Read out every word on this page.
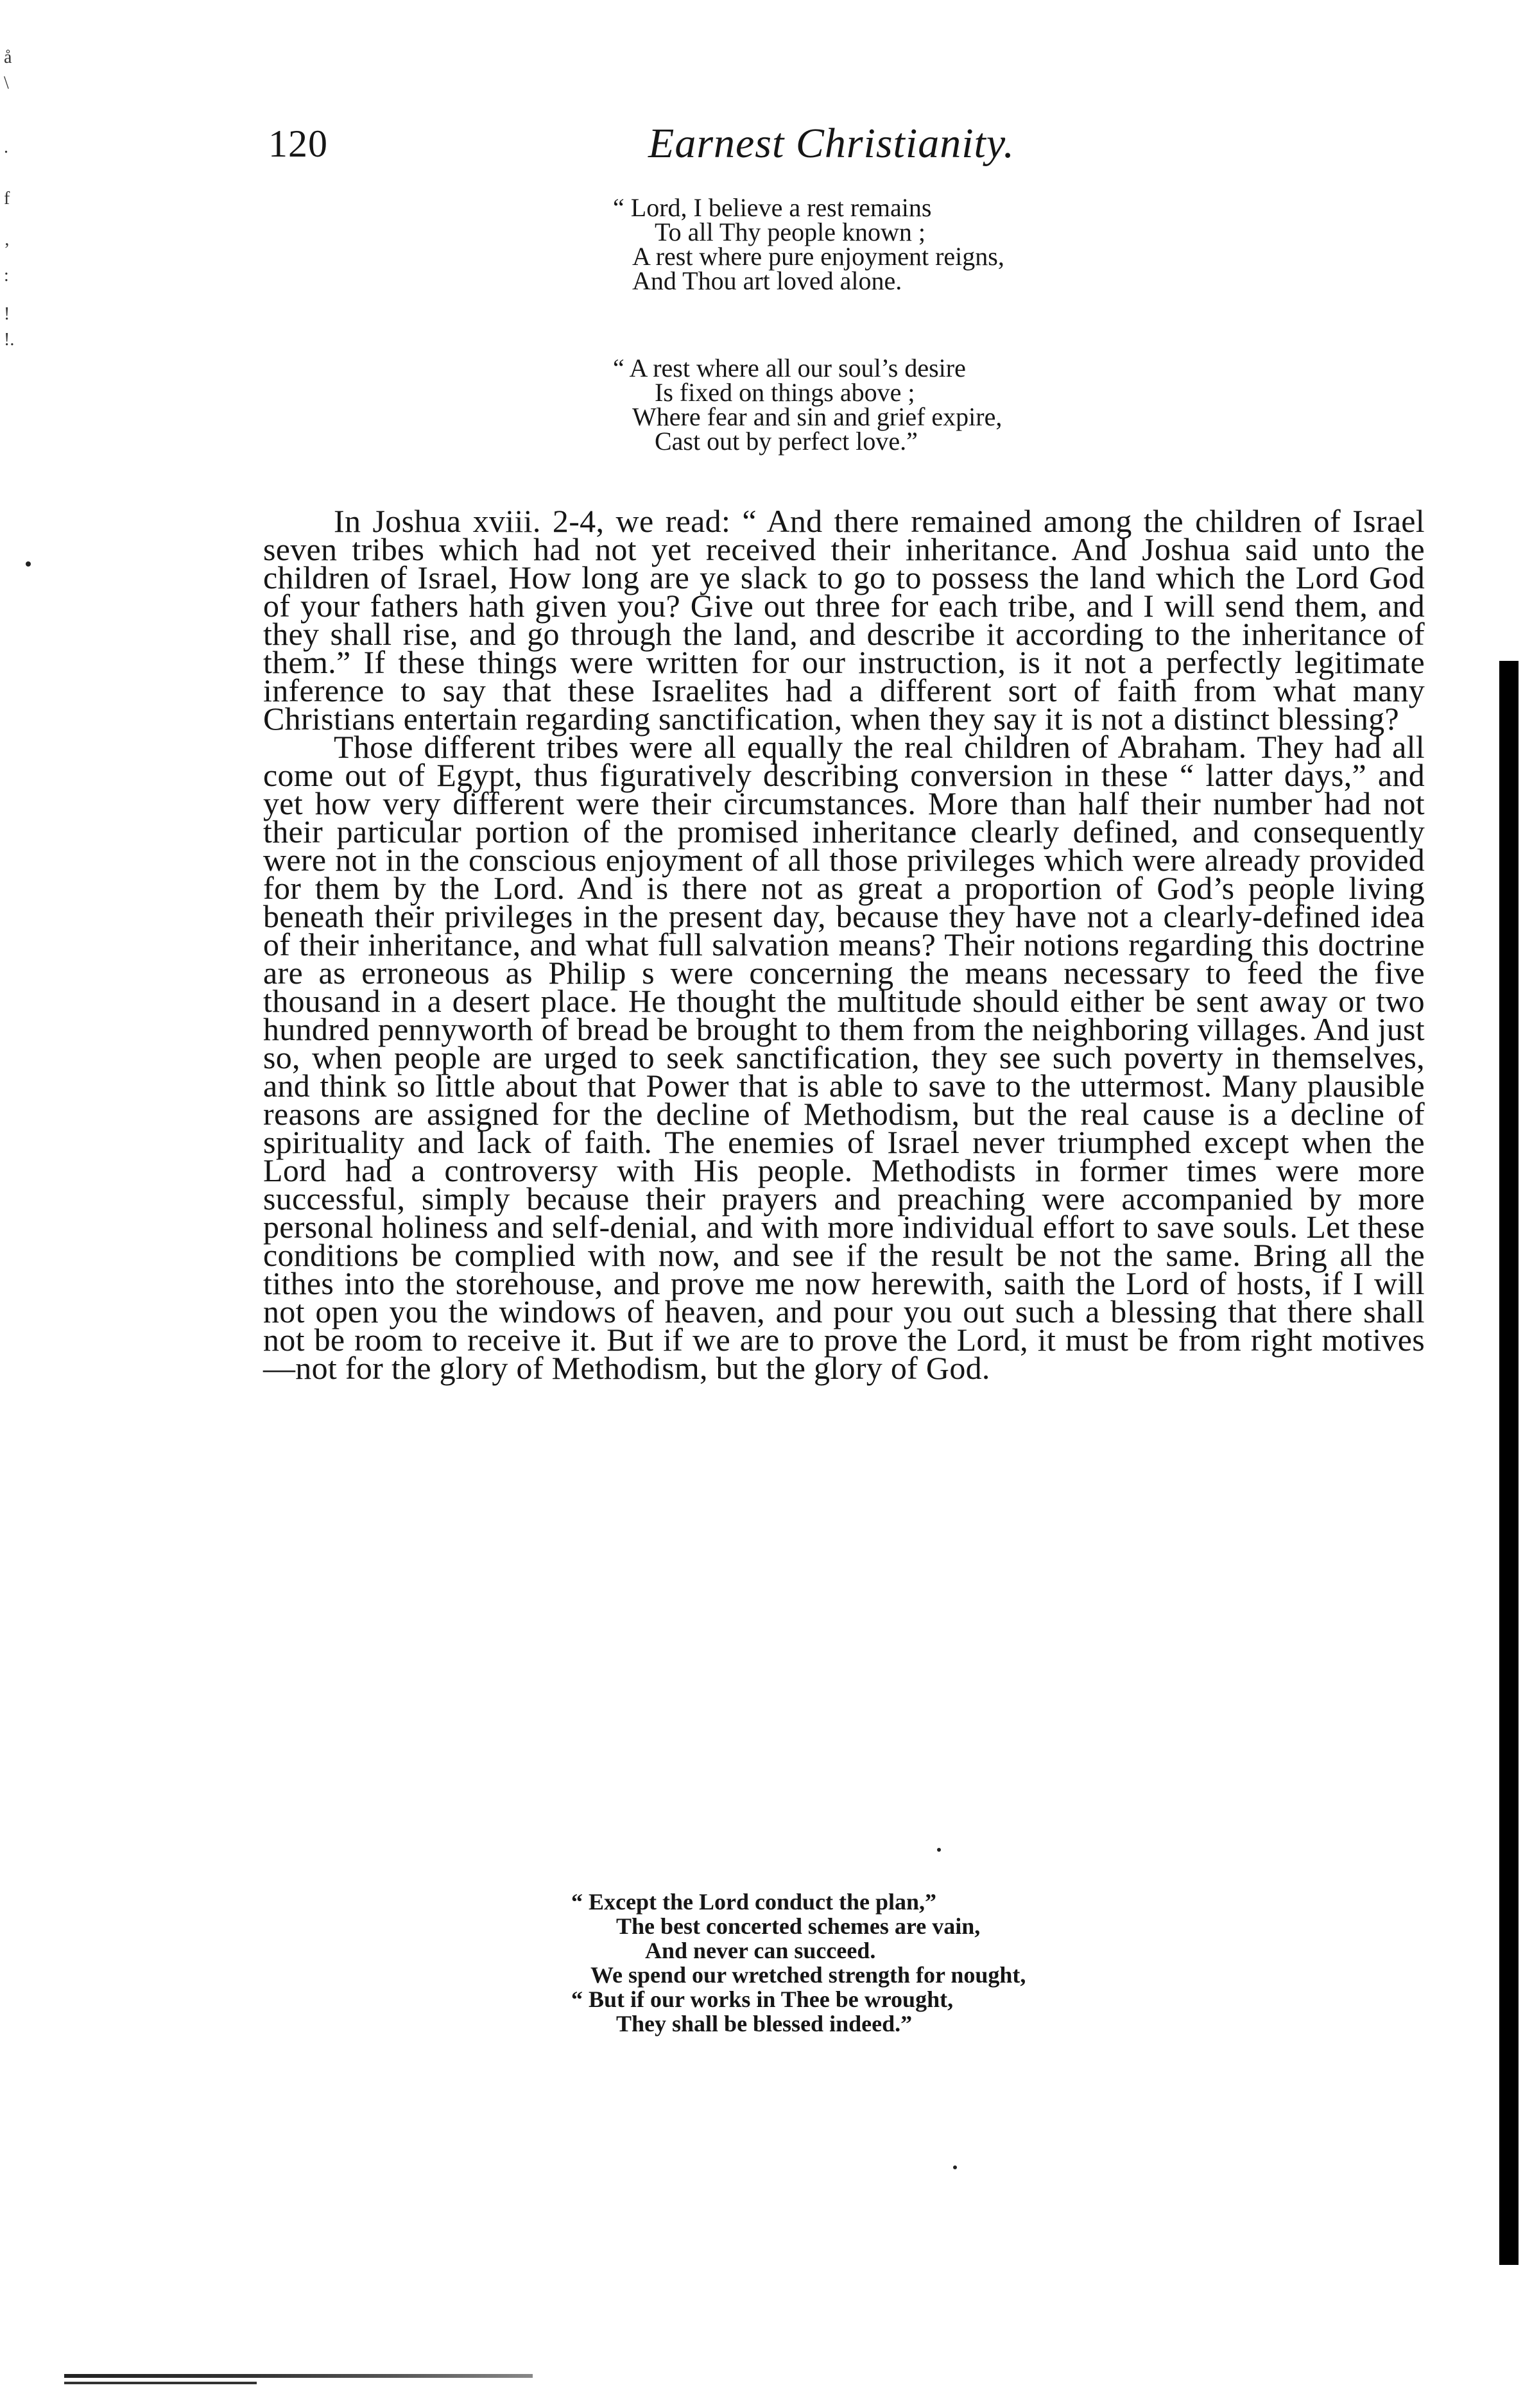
å
\
.
f
’
:
!
!.
120	Earnest Christianity.
“ Lord, I believe a rest remains
To all Thy people known ;
A rest where pure enjoyment reigns,
And Thou art loved alone.
“ A rest where all our soul’s desire
Is fixed on things above ;
Where fear and sin and grief expire,
Cast out by perfect love.”

In Joshua xviii. 2-4, we read: “ And there remained among the children of Israel seven tribes which had not yet received their inheritance. And Joshua said unto the children of Israel, How long are ye slack to go to possess the land which the Lord God of your fathers hath given you? Give out three for each tribe, and I will send them, and they shall rise, and go through the land, and describe it according to the inheritance of them.” If these things were written for our instruction, is it not a perfectly legitimate inference to say that these Israelites had a different sort of faith from what many Christians entertain regarding sanctification, when they say it is not a distinct blessing?

Those different tribes were all equally the real children of Abraham. They had all come out of Egypt, thus figuratively describing conversion in these “ latter days,” and yet how very different were their circumstances. More than half their number had not their particular portion of the promised inheritance clearly defined, and consequently were not in the conscious enjoyment of all those privileges which were already provided for them by the Lord. And is there not as great a proportion of God’s people living beneath their privileges in the present day, because they have not a clearly-defined idea of their inheritance, and what full salvation means? Their notions regarding this doctrine are as erroneous as Philip s were concerning the means necessary to feed the five thousand in a desert place. He thought the multitude should either be sent away or two hundred pennyworth of bread be brought to them from the neighboring villages. And just so, when people are urged to seek sanctification, they see such poverty in themselves, and think so little about that Power that is able to save to the uttermost. Many plausible reasons are assigned for the decline of Methodism, but the real cause is a decline of spirituality and lack of faith. The enemies of Israel never triumphed except when the Lord had a controversy with His people. Methodists in former times were more successful, simply because their prayers and preaching were accompanied by more personal holiness and self-denial, and with more individual effort to save souls. Let these conditions be complied with now, and see if the result be not the same. Bring all the tithes into the storehouse, and prove me now herewith, saith the Lord of hosts, if I will not open you the windows of heaven, and pour you out such a blessing that there shall not be room to receive it. But if we are to prove the Lord, it must be from right motives—not for the glory of Methodism, but the glory of God.

“ Except the Lord conduct the plan,”
The best concerted schemes are vain,
And never can succeed.
We spend our wretched strength for nought,
“ But if our works in Thee be wrought,
They shall be blessed indeed.”
